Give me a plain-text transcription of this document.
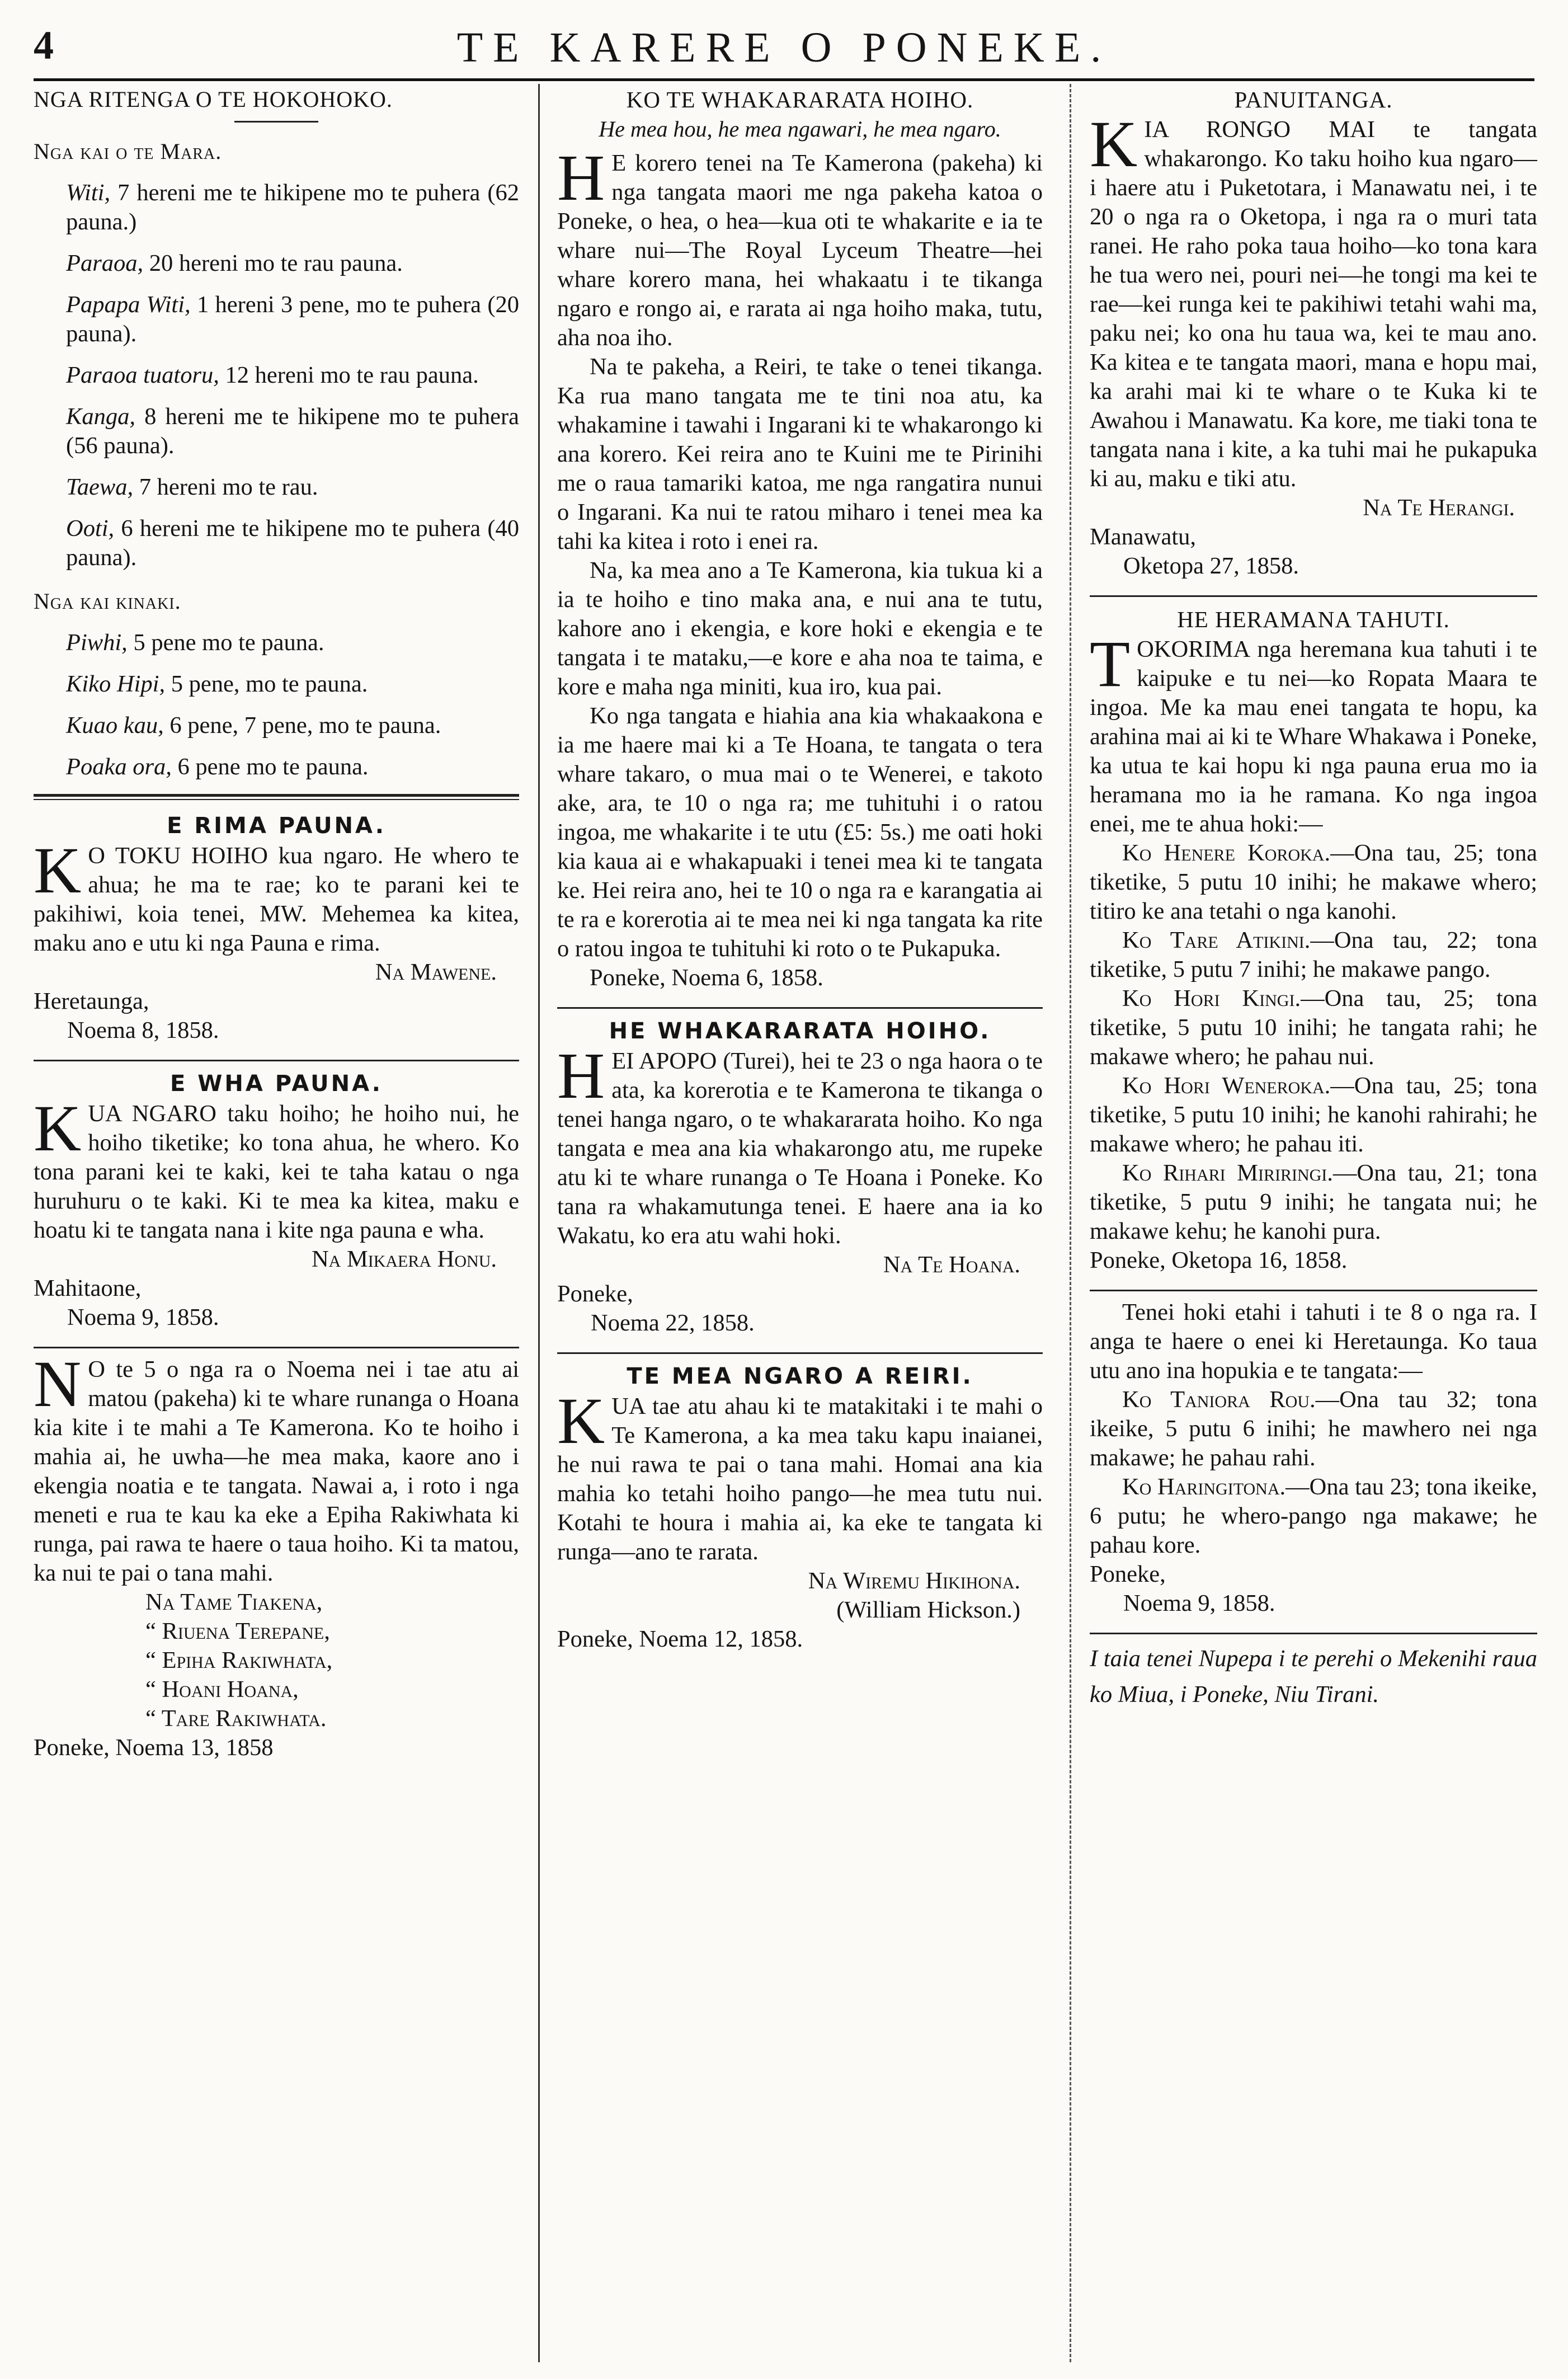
4	TE KARERE O PONEKE.
NGA RITENGA O TE HOKOHOKO.

Nga kai o te Mara.

Witi, 7 hereni me te hikipene mo te puhera (62 pauna.)

Paraoa, 20 hereni mo te rau pauna.

Papapa Witi, 1 hereni 3 pene, mo te puhera (20 pauna).

Paraoa tuatoru, 12 hereni mo te rau pauna.

Kanga, 8 hereni me te hikipene mo te puhera (56 pauna).

Taewa, 7 hereni mo te rau.

Ooti, 6 hereni me te hikipene mo te puhera (40 pauna).

Nga kai kinaki.

Piwhi, 5 pene mo te pauna.

Kiko Hipi, 5 pene, mo te pauna.

Kuao kau, 6 pene, 7 pene, mo te pauna.

Poaka ora, 6 pene mo te pauna.

E RIMA PAUNA.

K O TOKU HOIHO kua ngaro. He whero te ahua; he ma te rae; ko te parani kei te pakihiwi, koia tenei, MW. Mehemea ka kitea, maku ano e utu ki nga Pauna e rima.

Na Mawene.

Heretaunga,

Noema 8, 1858.

E WHA PAUNA.

KUA NGARO taku hoiho; he hoiho nui, he hoiho tiketike; ko tona ahua, he whero. Ko tona parani kei te kaki, kei te taha katau o nga huruhuru o te kaki. Ki te mea ka kitea, maku e hoatu ki te tangata nana i kite nga pauna e wha.

Na Mikaera Honu.

Mahitaone,

Noema 9, 1858.

N O te 5 o nga ra o Noema nei i tae atu ai matou (pakeha) ki te whare runanga o Hoana kia kite i te mahi a Te Kamerona. Ko te hoiho i mahia ai, he uwha—he mea maka, kaore ano i ekengia noatia e te tangata. Nawai a, i roto i nga meneti e rua te kau ka eke a Epiha Rakiwhata ki runga, pai rawa te haere o taua hoiho. Ki ta matou, ka nui te pai o tana mahi.

Na Tame Tiakena,

“ Riuena Terepane,

“ Epiha Rakiwhata,

“ Hoani Hoana,

“ Tare Rakiwhata.

Poneke, Noema 13, 1858

KO TE WHAKARARATA HOIHO.

He mea hou, he mea ngawari, he mea ngaro.

H E korero tenei na Te Kamerona (pakeha) ki nga tangata maori me nga pakeha katoa o Poneke, o hea, o hea—kua oti te whakarite e ia te whare nui—The Royal Lyceum Theatre—hei whare korero mana, hei whakaatu i te tikanga ngaro e rongo ai, e rarata ai nga hoiho maka, tutu, aha noa iho.

Na te pakeha, a Reiri, te take o tenei tikanga. Ka rua mano tangata me te tini noa atu, ka whakamine i tawahi i Ingarani ki te whakarongo ki ana korero. Kei reira ano te Kuini me te Pirinihi me o raua tamariki katoa, me nga rangatira nunui o Ingarani. Ka nui te ratou miharo i tenei mea ka tahi ka kitea i roto i enei ra.

Na, ka mea ano a Te Kamerona, kia tukua ki a ia te hoiho e tino maka ana, e nui ana te tutu, kahore ano i ekengia, e kore hoki e ekengia e te tangata i te mataku,—e kore e aha noa te taima, e kore e maha nga miniti, kua iro, kua pai.

Ko nga tangata e hiahia ana kia whakaakona e ia me haere mai ki a Te Hoana, te tangata o tera whare takaro, o mua mai o te Wenerei, e takoto ake, ara, te 10 o nga ra; me tuhituhi i o ratou ingoa, me whakarite i te utu (£5: 5s.) me oati hoki kia kaua ai e whakapuaki i tenei mea ki te tangata ke. Hei reira ano, hei te 10 o nga ra e karangatia ai te ra e korerotia ai te mea nei ki nga tangata ka rite o ratou ingoa te tuhituhi ki roto o te Pukapuka.

Poneke, Noema 6, 1858.

HE WHAKARARATA HOIHO.

HEI APOPO (Turei), hei te 23 o nga haora o te ata, ka korerotia e te Kamerona te tikanga o tenei hanga ngaro, o te whakararata hoiho. Ko nga tangata e mea ana kia whakarongo atu, me rupeke atu ki te whare runanga o Te Hoana i Poneke. Ko tana ra whakamutunga tenei. E haere ana ia ko Wakatu, ko era atu wahi hoki.

Na Te Hoana.

Poneke,

Noema 22, 1858.

TE MEA NGARO A REIRI.

KUA tae atu ahau ki te matakitaki i te mahi o Te Kamerona, a ka mea taku kapu inaianei, he nui rawa te pai o tana mahi. Homai ana kia mahia ko tetahi hoiho pango—he mea tutu nui. Kotahi te houra i mahia ai, ka eke te tangata ki runga—ano te rarata.

Na Wiremu Hikihona.

(William Hickson.)

Poneke, Noema 12, 1858.

PANUITANGA.

KIA RONGO MAI te tangata whakarongo. Ko taku hoiho kua ngaro—i haere atu i Puketotara, i Manawatu nei, i te 20 o nga ra o Oketopa, i nga ra o muri tata ranei. He raho poka taua hoiho—ko tona kara he tua wero nei, pouri nei—he tongi ma kei te rae—kei runga kei te pakihiwi tetahi wahi ma, paku nei; ko ona hu taua wa, kei te mau ano. Ka kitea e te tangata maori, mana e hopu mai, ka arahi mai ki te whare o te Kuka ki te Awahou i Manawatu. Ka kore, me tiaki tona te tangata nana i kite, a ka tuhi mai he pukapuka ki au, maku e tiki atu.

Na Te Herangi.

Manawatu,

Oketopa 27, 1858.

HE HERAMANA TAHUTI.

TOKORIMA nga heremana kua tahuti i te kaipuke e tu nei—ko Ropata Maara te ingoa. Me ka mau enei tangata te hopu, ka arahina mai ai ki te Whare Whakawa i Poneke, ka utua te kai hopu ki nga pauna erua mo ia heramana mo ia he ramana. Ko nga ingoa enei, me te ahua hoki:—

Ko Henere Koroka.—Ona tau, 25; tona tiketike, 5 putu 10 inihi; he makawe whero; titiro ke ana tetahi o nga kanohi.

Ko Tare Atikini.—Ona tau, 22; tona tiketike, 5 putu 7 inihi; he makawe pango.

Ko Hori Kingi.—Ona tau, 25; tona tiketike, 5 putu 10 inihi; he tangata rahi; he makawe whero; he pahau nui.

Ko Hori Weneroka.—Ona tau, 25; tona tiketike, 5 putu 10 inihi; he kanohi rahirahi; he makawe whero; he pahau iti.

Ko Rihari Miriringi.—Ona tau, 21; tona tiketike, 5 putu 9 inihi; he tangata nui; he makawe kehu; he kanohi pura.

Poneke, Oketopa 16, 1858.

Tenei hoki etahi i tahuti i te 8 o nga ra. I anga te haere o enei ki Heretaunga. Ko taua utu ano ina hopukia e te tangata:—

Ko Taniora Rou.—Ona tau 32; tona ikeike, 5 putu 6 inihi; he mawhero nei nga makawe; he pahau rahi.

Ko Haringitona.—Ona tau 23; tona ikeike, 6 putu; he whero-pango nga makawe; he pahau kore.

Poneke,

Noema 9, 1858.

I taia tenei Nupepa i te perehi o Mekenihi raua ko Miua, i Poneke, Niu Tirani.
